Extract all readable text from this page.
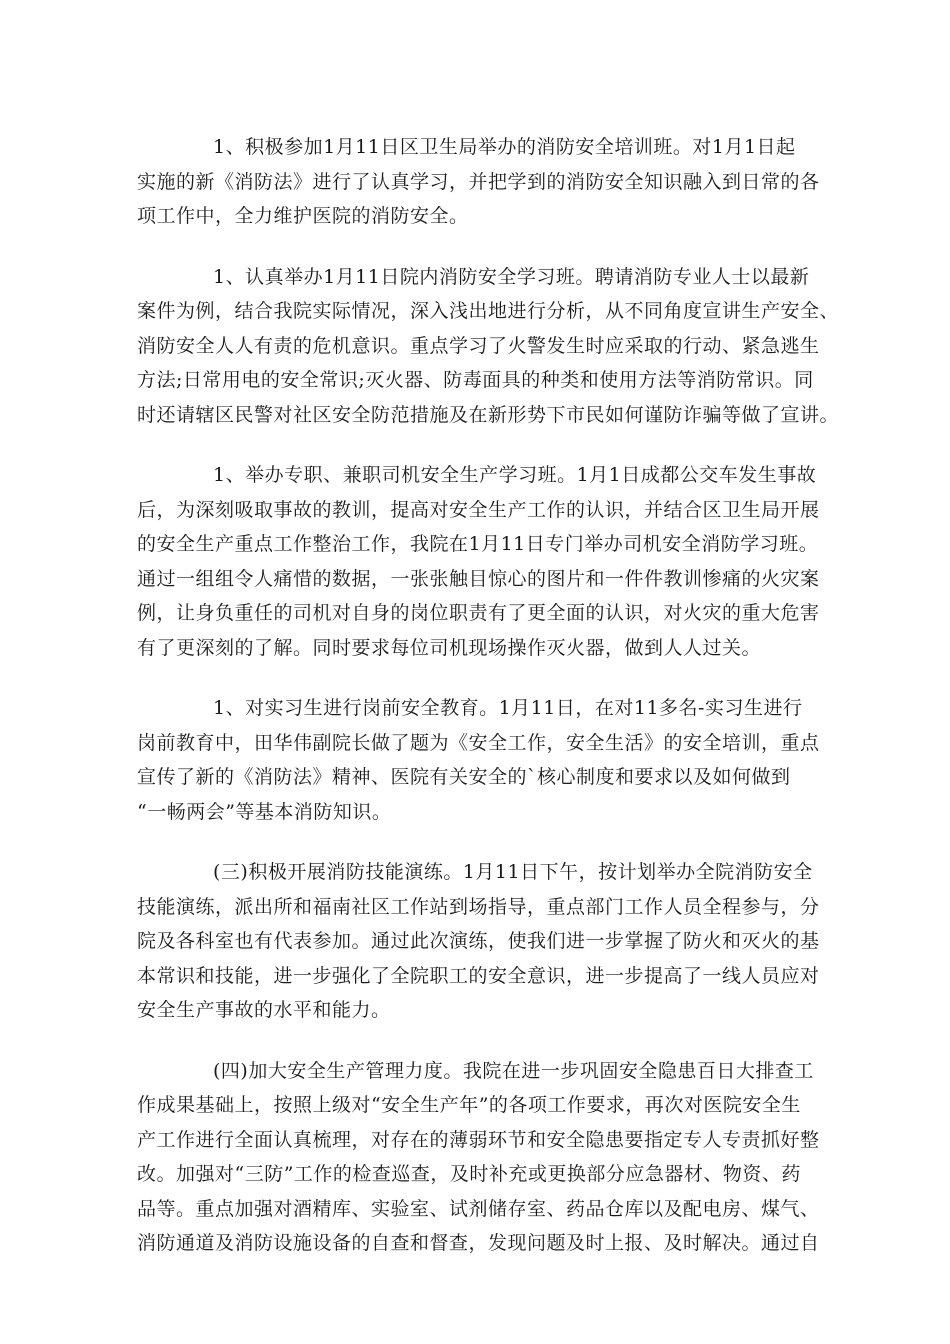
1、积极参加1月11日区卫生局举办的消防安全培训班。对1月1日起
实施的新《消防法》进行了认真学习，并把学到的消防安全知识融入到日常的各
项工作中，全力维护医院的消防安全。
1、认真举办1月11日院内消防安全学习班。聘请消防专业人士以最新
案件为例，结合我院实际情况，深入浅出地进行分析，从不同角度宣讲生产安全、
消防安全人人有责的危机意识。重点学习了火警发生时应采取的行动、紧急逃生
方法;日常用电的安全常识;灭火器、防毒面具的种类和使用方法等消防常识。同
时还请辖区民警对社区安全防范措施及在新形势下市民如何谨防诈骗等做了宣讲。
1、举办专职、兼职司机安全生产学习班。1月1日成都公交车发生事故
后，为深刻吸取事故的教训，提高对安全生产工作的认识，并结合区卫生局开展
的安全生产重点工作整治工作，我院在1月11日专门举办司机安全消防学习班。
通过一组组令人痛惜的数据，一张张触目惊心的图片和一件件教训惨痛的火灾案
例，让身负重任的司机对自身的岗位职责有了更全面的认识，对火灾的重大危害
有了更深刻的了解。同时要求每位司机现场操作灭火器，做到人人过关。
1、对实习生进行岗前安全教育。1月11日，在对11多名-实习生进行
岗前教育中，田华伟副院长做了题为《安全工作，安全生活》的安全培训，重点
宣传了新的《消防法》精神、医院有关安全的`核心制度和要求以及如何做到
“一畅两会”等基本消防知识。
(三)积极开展消防技能演练。1月11日下午，按计划举办全院消防安全
技能演练，派出所和福南社区工作站到场指导，重点部门工作人员全程参与，分
院及各科室也有代表参加。通过此次演练，使我们进一步掌握了防火和灭火的基
本常识和技能，进一步强化了全院职工的安全意识，进一步提高了一线人员应对
安全生产事故的水平和能力。
(四)加大安全生产管理力度。我院在进一步巩固安全隐患百日大排查工
作成果基础上，按照上级对“安全生产年”的各项工作要求，再次对医院安全生
产工作进行全面认真梳理，对存在的薄弱环节和安全隐患要指定专人专责抓好整
改。加强对“三防”工作的检查巡查，及时补充或更换部分应急器材、物资、药
品等。重点加强对酒精库、实验室、试剂储存室、药品仓库以及配电房、煤气、
消防通道及消防设施设备的自查和督查，发现问题及时上报、及时解决。通过自
